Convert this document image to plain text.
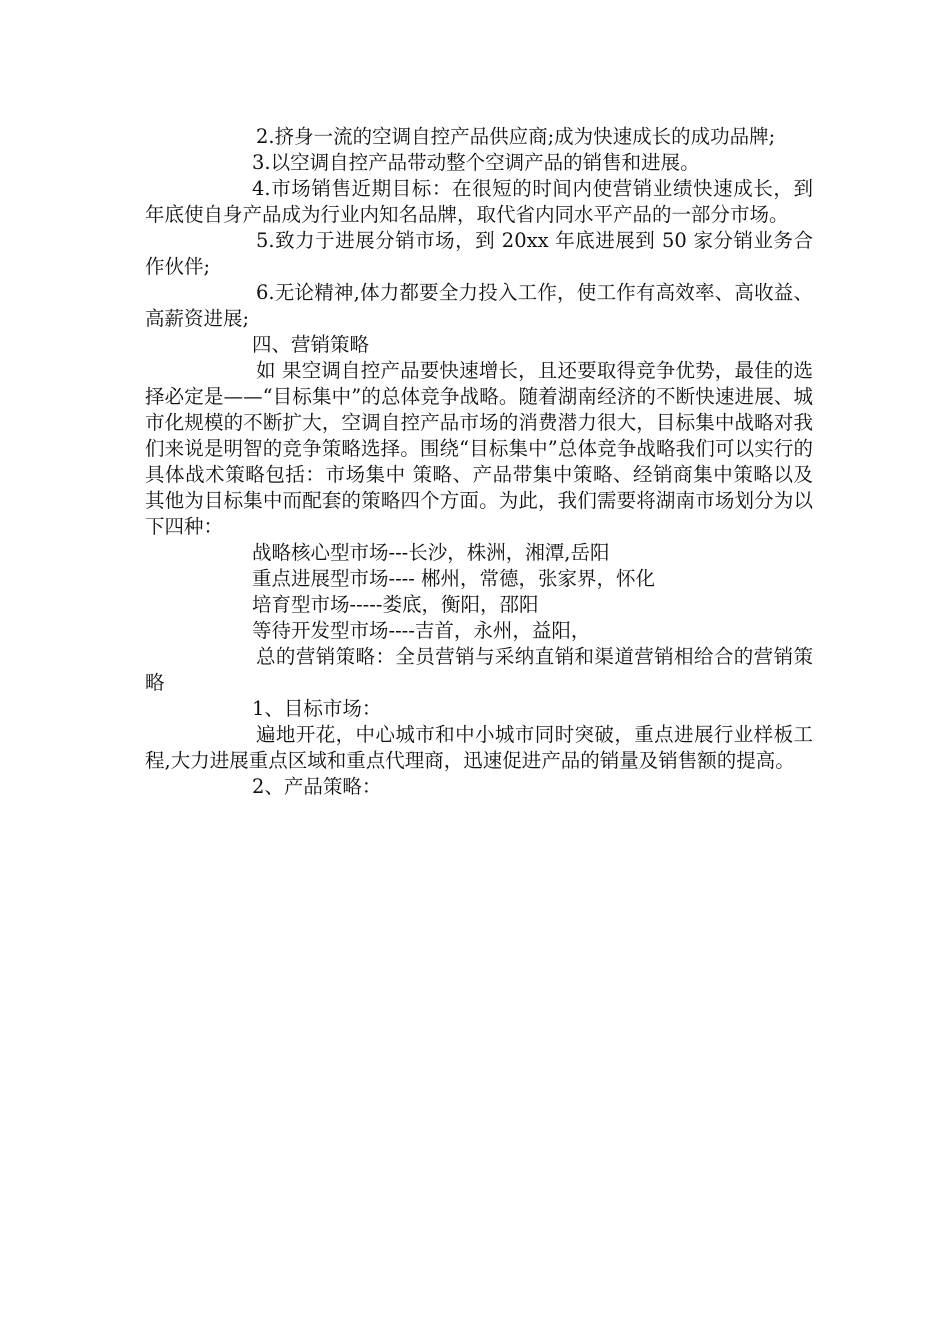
2.挤身一流的空调自控产品供应商;成为快速成长的成功品牌;

3.以空调自控产品带动整个空调产品的销售和进展。

4.市场销售近期目标：在很短的时间内使营销业绩快速成长，到年底使自身产品成为行业内知名品牌，取代省内同水平产品的一部分市场。

5.致力于进展分销市场，到 20xx 年底进展到 50 家分销业务合作伙伴;

6.无论精神,体力都要全力投入工作，使工作有高效率、高收益、高薪资进展;

四、营销策略

如 果空调自控产品要快速增长，且还要取得竞争优势，最佳的选择必定是——“目标集中”的总体竞争战略。随着湖南经济的不断快速进展、城市化规模的不断扩大，空调自控产品市场的消费潜力很大，目标集中战略对我们来说是明智的竞争策略选择。围绕“目标集中”总体竞争战略我们可以实行的具体战术策略包括：市场集中 策略、产品带集中策略、经销商集中策略以及其他为目标集中而配套的策略四个方面。为此，我们需要将湖南市场划分为以下四种：

战略核心型市场---长沙，株洲，湘潭,岳阳

重点进展型市场---- 郴州，常德，张家界，怀化

培育型市场-----娄底，衡阳，邵阳

等待开发型市场----吉首，永州，益阳，

总的营销策略：全员营销与采纳直销和渠道营销相给合的营销策略

1、目标市场：

遍地开花，中心城市和中小城市同时突破，重点进展行业样板工程,大力进展重点区域和重点代理商，迅速促进产品的销量及销售额的提高。

2、产品策略：
